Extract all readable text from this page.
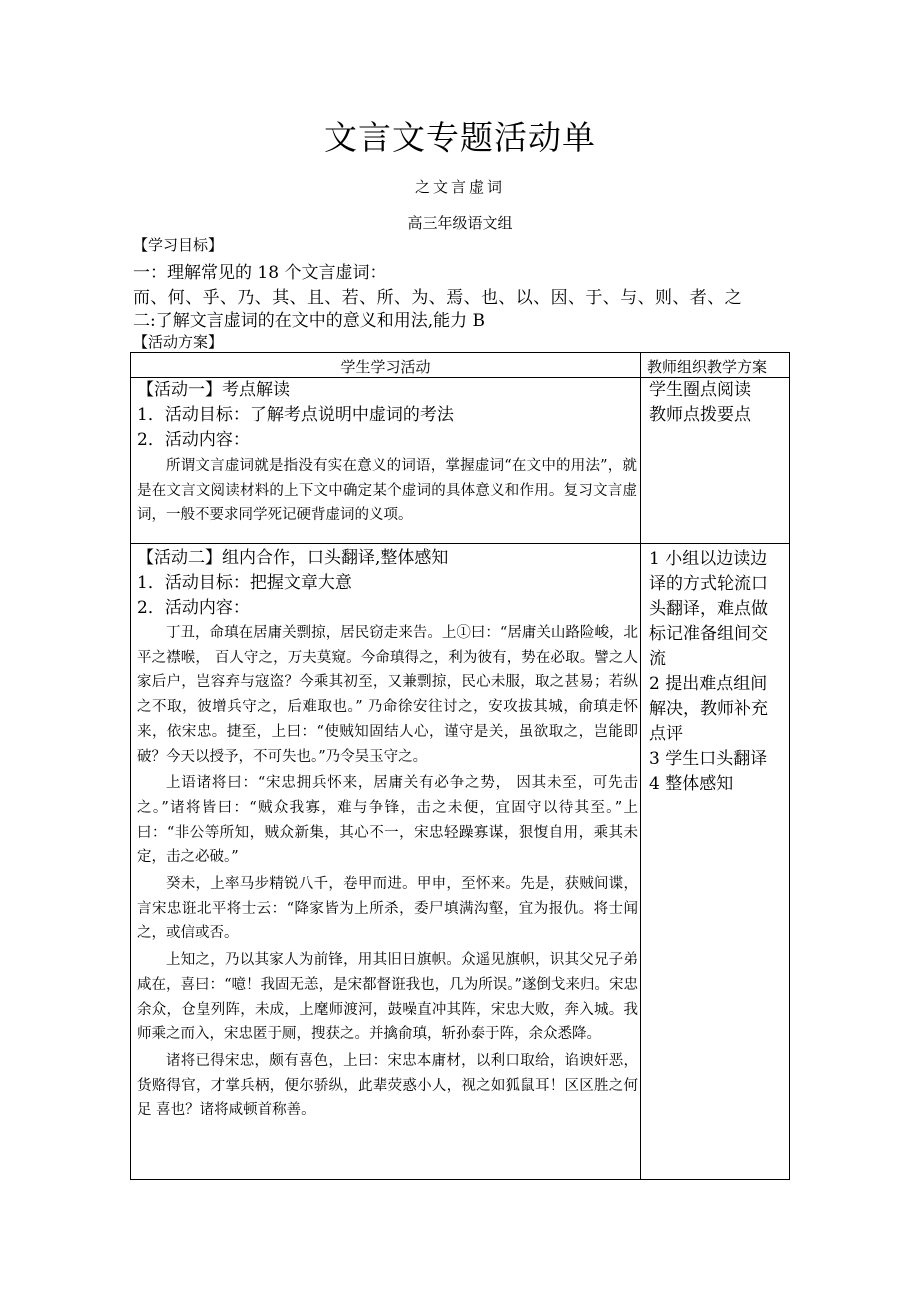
文言文专题活动单
之文言虚词
高三年级语文组
【学习目标】
一：理解常见的 18 个文言虚词：
而、何、乎、乃、其、且、若、所、为、焉、也、以、因、于、与、则、者、之
二:了解文言虚词的在文中的意义和用法,能力 B
【活动方案】
学生学习活动	教师组织教学方案
【活动一】考点解读
1．活动目标：了解考点说明中虚词的考法
2．活动内容：

所谓文言虚词就是指没有实在意义的词语，掌握虚词“在文中的用法”，就是在文言文阅读材料的上下文中确定某个虚词的具体意义和作用。复习文言虚词，一般不要求同学死记硬背虚词的义项。

学生圈点阅读
教师点拨要点
【活动二】组内合作，口头翻译,整体感知
1．活动目标：把握文章大意
2．活动内容：

丁丑，命瑱在居庸关剽掠，居民窃走来告。上①曰：“居庸关山路险峻，北平之襟喉， 百人守之，万夫莫窥。今命瑱得之，利为彼有，势在必取。譬之人家后户，岂容弃与寇盗？今乘其初至，又兼剽掠，民心未服，取之甚易；若纵之不取，彼增兵守之，后难取也。” 乃命徐安往讨之，安攻拔其城，俞瑱走怀来，依宋忠。捷至，上曰：“使贼知固结人心，谨守是关，虽欲取之，岂能即破？今天以授予，不可失也。”乃令吴玉守之。

上语诸将曰：“宋忠拥兵怀来，居庸关有必争之势， 因其未至，可先击之。”诸将皆曰：“贼众我寡，难与争锋，击之未便，宜固守以待其至。”上曰：“非公等所知，贼众新集，其心不一，宋忠轻躁寡谋，狠愎自用，乘其未定，击之必破。”

癸未，上率马步精锐八千，卷甲而进。甲申，至怀来。先是，获贼间谍，言宋忠诳北平将士云：“降家皆为上所杀，委尸填满沟壑，宜为报仇。将士闻之，或信或否。

上知之，乃以其家人为前锋，用其旧日旗帜。众遥见旗帜，识其父兄子弟咸在，喜曰：“噫！我固无恙，是宋都督诳我也，几为所误。”遂倒戈来归。宋忠余众，仓皇列阵，未成，上麾师渡河，鼓噪直冲其阵，宋忠大败，奔入城。我师乘之而入，宋忠匿于厕，搜获之。并擒俞瑱，斩孙泰于阵，余众悉降。

诸将已得宋忠，颇有喜色，上曰：宋忠本庸材，以利口取给，谄谀奸恶，货赂得官，才掌兵柄，便尔骄纵，此辈荧惑小人，视之如狐鼠耳！区区胜之何足 喜也？诸将咸顿首称善。

1 小组以边读边
译的方式轮流口
头翻译，难点做
标记准备组间交
流
2 提出难点组间
解决，教师补充
点评
3 学生口头翻译
4 整体感知
